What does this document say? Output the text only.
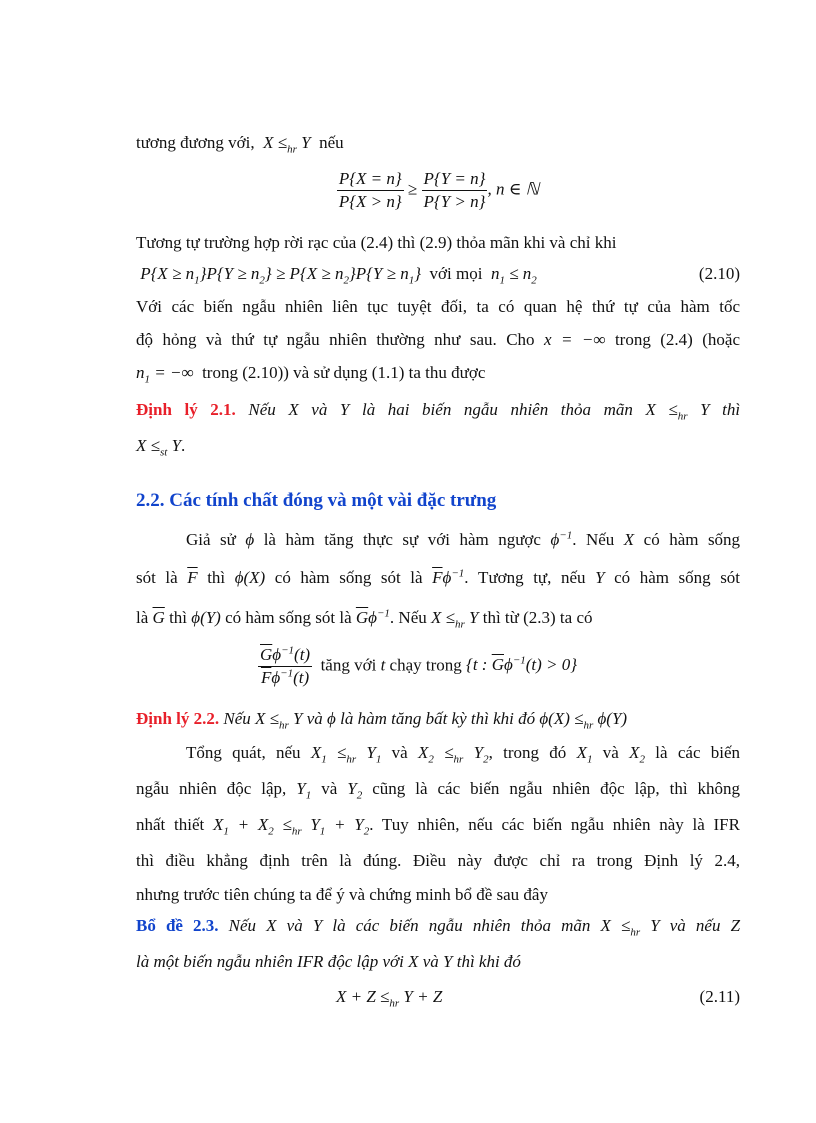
tương đương với,  $X \le_{hr}$ Y  nếu
$\frac{P\{X = n\}}{P\{X > n\}} \ge \frac{P\{Y = n\}}{P\{Y > n\}}$ , n ∈ ℕ
Tương tự trường hợp rời rạc của (2.4) thì (2.9) thỏa mãn khi và chỉ khi
$P\{X \ge n_1\}P\{Y \ge n_2\} \ge P\{X \ge n_2\}P\{Y \ge n_1\}$ với mọi  $n_1 \le n_2$	(2.10)
Với các biến ngẫu nhiên liên tục tuyệt đối, ta có quan hệ thứ tự của hàm tốc
độ hỏng và thứ tự ngẫu nhiên thường như sau. Cho x = −∞ trong (2.4) (hoặc
$n_1$ = −∞ trong (2.10)) và sử dụng (1.1) ta thu được
Định lý 2.1. Nếu X và Y là hai biến ngẫu nhiên thỏa mãn $X \le_{hr}$ Y thì
$X \le_{st}$ Y.
2.2. Các tính chất đóng và một vài đặc trưng
Giả sử ϕ là hàm tăng thực sự với hàm ngược $\phi^{-1}$. Nếu X có hàm sống
sót là $\overline{F}$ thì ϕ(X) có hàm sống sót là $\overline{F}\phi^{-1}$. Tương tự, nếu Y có hàm sống sót
là $\overline{G}$ thì ϕ(Y) có hàm sống sót là $\overline{G}\phi^{-1}$. Nếu $X \le_{hr}$ Y thì từ (2.3) ta có
$\frac{\overline{G}\phi^{-1}(t)}{\overline{F}\phi^{-1}(t)}$ tăng với t chạy trong {t : $\overline{G}\phi^{-1}(t) > 0$}
Định lý 2.2. Nếu $X \le_{hr}$ Y và ϕ là hàm tăng bất kỳ thì khi đó $\phi(X) \le_{hr}$ ϕ(Y)
Tổng quát, nếu $X_1 \le_{hr}$ $Y_1$ và $X_2 \le_{hr}$ $Y_2$, trong đó $X_1$ và $X_2$ là các biến
ngẫu nhiên độc lập, $Y_1$ và $Y_2$ cũng là các biến ngẫu nhiên độc lập, thì không
nhất thiết $X_1 + X_2 \le_{hr}$ $Y_1 + Y_2$. Tuy nhiên, nếu các biến ngẫu nhiên này là IFR
thì điều khẳng định trên là đúng. Điều này được chỉ ra trong Định lý 2.4,
nhưng trước tiên chúng ta để ý và chứng minh bổ đề sau đây
Bổ đề 2.3. Nếu X và Y là các biến ngẫu nhiên thỏa mãn $X \le_{hr}$ Y và nếu Z
là một biến ngẫu nhiên IFR độc lập với X và Y thì khi đó
$X + Z \le_{hr}$ Y + Z	(2.11)
